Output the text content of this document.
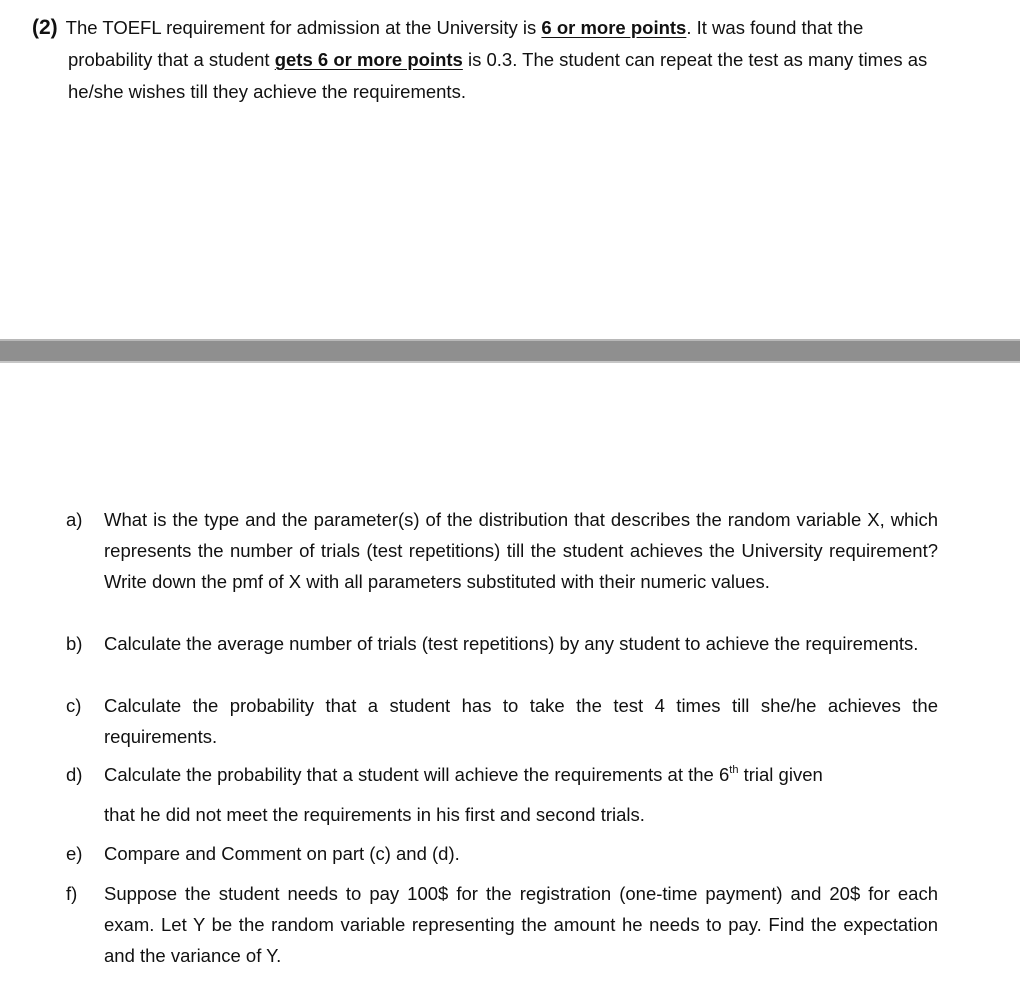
(2) The TOEFL requirement for admission at the University is 6 or more points. It was found that the
probability that a student gets 6 or more points is 0.3. The student can repeat the test as many times as he/she wishes till they achieve the requirements.
a) What is the type and the parameter(s) of the distribution that describes the random variable X, which represents the number of trials (test repetitions) till the student achieves the University requirement? Write down the pmf of X with all parameters substituted with their numeric values.
b) Calculate the average number of trials (test repetitions) by any student to achieve the requirements.
c) Calculate the probability that a student has to take the test 4 times till she/he achieves the requirements.
d) Calculate the probability that a student will achieve the requirements at the 6th trial given
that he did not meet the requirements in his first and second trials.
e) Compare and Comment on part (c) and (d).
f) Suppose the student needs to pay 100$ for the registration (one-time payment) and 20$ for each exam. Let Y be the random variable representing the amount he needs to pay. Find the expectation and the variance of Y.
